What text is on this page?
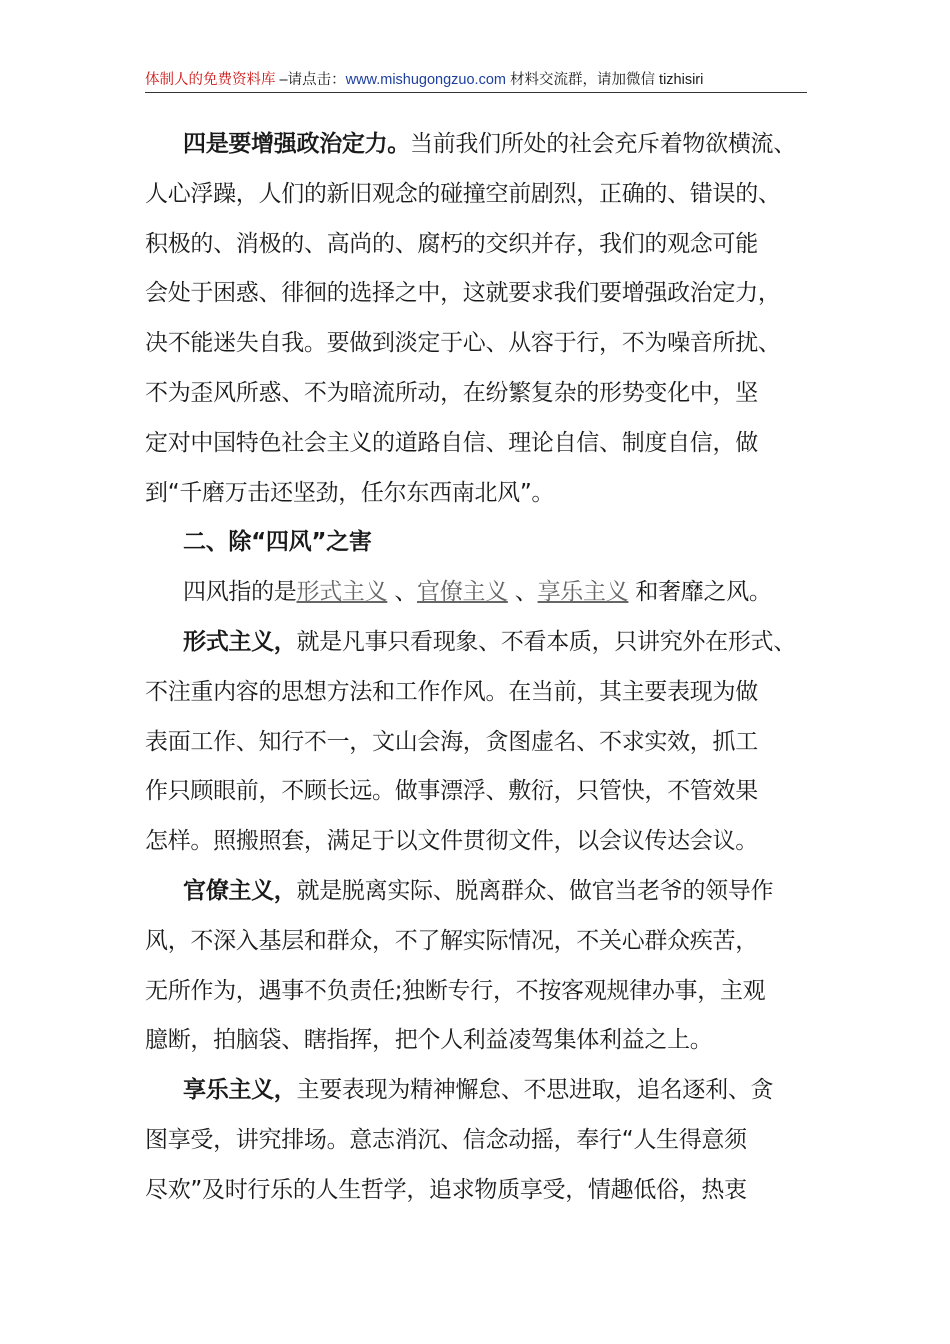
体制人的免费资料库 –请点击：www.mishugongzuo.com 材料交流群，请加微信 tizhisiri

四是要增强政治定力。当前我们所处的社会充斥着物欲横流、
人心浮躁，人们的新旧观念的碰撞空前剧烈，正确的、错误的、
积极的、消极的、高尚的、腐朽的交织并存，我们的观念可能
会处于困惑、徘徊的选择之中，这就要求我们要增强政治定力，
决不能迷失自我。要做到淡定于心、从容于行，不为噪音所扰、
不为歪风所惑、不为暗流所动，在纷繁复杂的形势变化中，坚
定对中国特色社会主义的道路自信、理论自信、制度自信，做
到“千磨万击还坚劲，任尔东西南北风”。

二、除“四风”之害

四风指的是形式主义 、官僚主义 、享乐主义 和奢靡之风。

形式主义，就是凡事只看现象、不看本质，只讲究外在形式、
不注重内容的思想方法和工作作风。在当前，其主要表现为做
表面工作、知行不一，文山会海，贪图虚名、不求实效，抓工
作只顾眼前，不顾长远。做事漂浮、敷衍，只管快，不管效果
怎样。照搬照套，满足于以文件贯彻文件，以会议传达会议。

官僚主义，就是脱离实际、脱离群众、做官当老爷的领导作
风，不深入基层和群众，不了解实际情况，不关心群众疾苦，
无所作为，遇事不负责任;独断专行，不按客观规律办事，主观
臆断，拍脑袋、瞎指挥，把个人利益凌驾集体利益之上。

享乐主义，主要表现为精神懈怠、不思进取，追名逐利、贪
图享受，讲究排场。意志消沉、信念动摇，奉行“人生得意须
尽欢”及时行乐的人生哲学，追求物质享受，情趣低俗，热衷
